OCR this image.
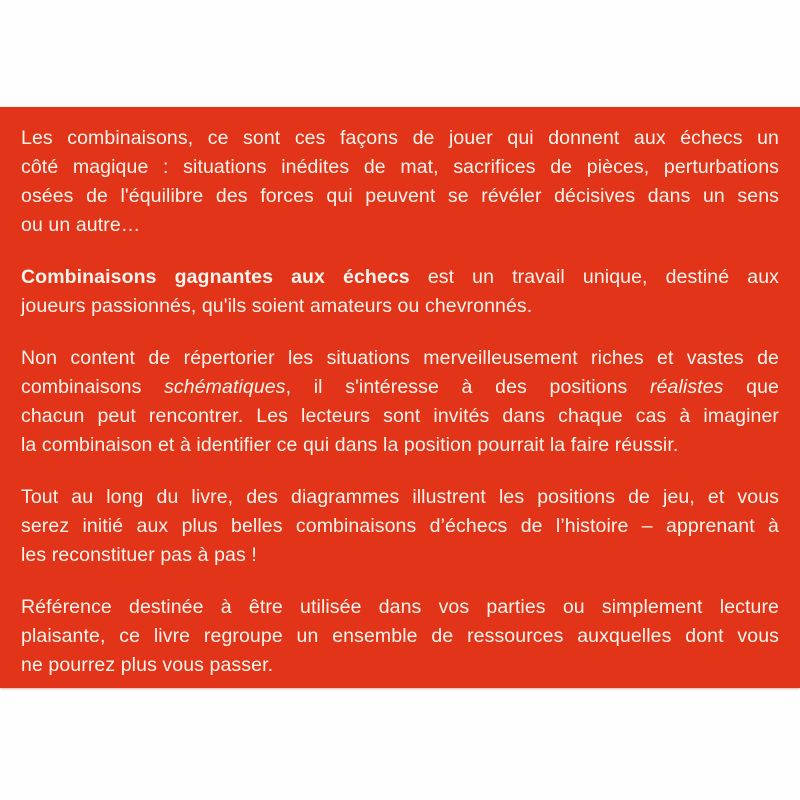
Les combinaisons, ce sont ces façons de jouer qui donnent aux échecs un
côté magique : situations inédites de mat, sacrifices de pièces, perturbations
osées de l'équilibre des forces qui peuvent se révéler décisives dans un sens
ou un autre…
Combinaisons gagnantes aux échecs est un travail unique, destiné aux
joueurs passionnés, qu'ils soient amateurs ou chevronnés.
Non content de répertorier les situations merveilleusement riches et vastes de
combinaisons schématiques, il s'intéresse à des positions réalistes que
chacun peut rencontrer. Les lecteurs sont invités dans chaque cas à imaginer
la combinaison et à identifier ce qui dans la position pourrait la faire réussir.
Tout au long du livre, des diagrammes illustrent les positions de jeu, et vous
serez initié aux plus belles combinaisons d’échecs de l’histoire – apprenant à
les reconstituer pas à pas !
Référence destinée à être utilisée dans vos parties ou simplement lecture
plaisante, ce livre regroupe un ensemble de ressources auxquelles dont vous
ne pourrez plus vous passer.
